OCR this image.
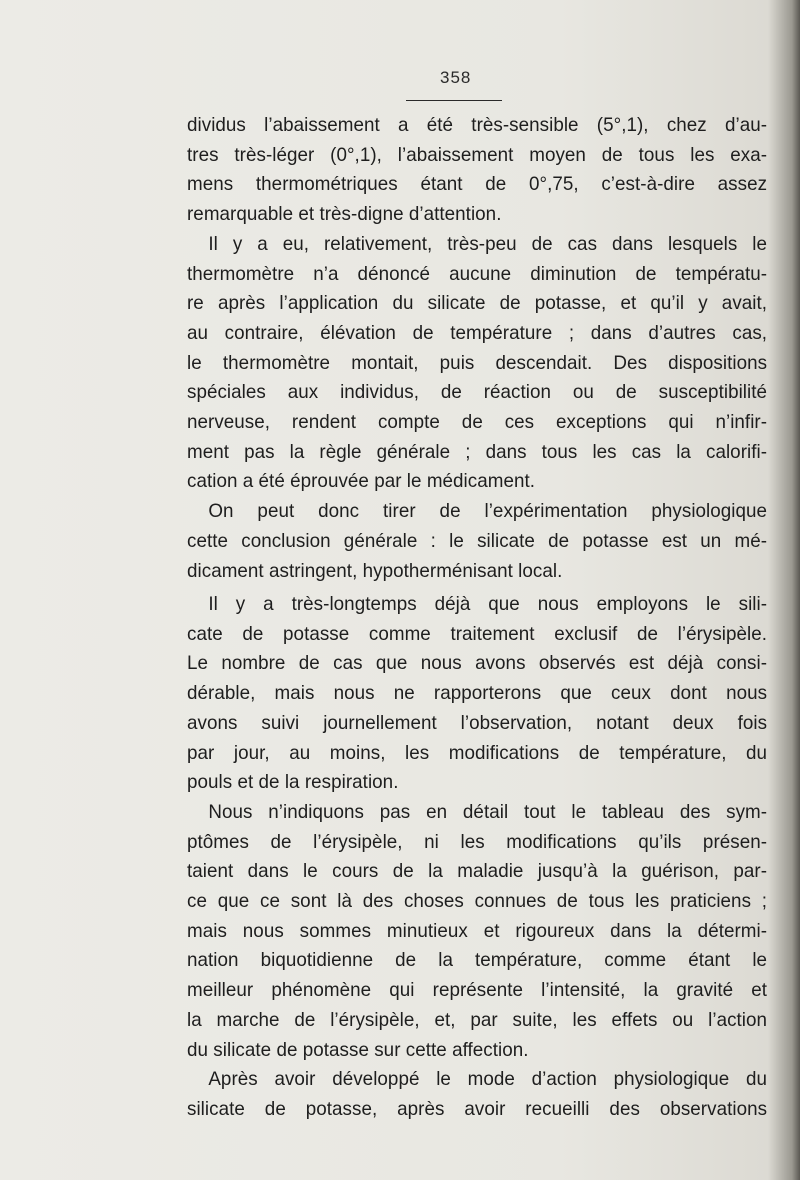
358
dividus l’abaissement a été très-sensible (5°,1), chez d’au-
tres très-léger (0°,1), l’abaissement moyen de tous les exa-
mens thermométriques étant de 0°,75, c’est-à-dire assez
remarquable et très-digne d’attention.
Il y a eu, relativement, très-peu de cas dans lesquels le
thermomètre n’a dénoncé aucune diminution de températu-
re après l’application du silicate de potasse, et qu’il y avait,
au contraire, élévation de température ; dans d’autres cas,
le thermomètre montait, puis descendait. Des dispositions
spéciales aux individus, de réaction ou de susceptibilité
nerveuse, rendent compte de ces exceptions qui n’infir-
ment pas la règle générale ; dans tous les cas la calorifi-
cation a été éprouvée par le médicament.
On peut donc tirer de l’expérimentation physiologique
cette conclusion générale : le silicate de potasse est un mé-
dicament astringent, hypotherménisant local.
Il y a très-longtemps déjà que nous employons le sili-
cate de potasse comme traitement exclusif de l’érysipèle.
Le nombre de cas que nous avons observés est déjà consi-
dérable, mais nous ne rapporterons que ceux dont nous
avons suivi journellement l’observation, notant deux fois
par jour, au moins, les modifications de température, du
pouls et de la respiration.
Nous n’indiquons pas en détail tout le tableau des sym-
ptômes de l’érysipèle, ni les modifications qu’ils présen-
taient dans le cours de la maladie jusqu’à la guérison, par-
ce que ce sont là des choses connues de tous les praticiens ;
mais nous sommes minutieux et rigoureux dans la détermi-
nation biquotidienne de la température, comme étant le
meilleur phénomène qui représente l’intensité, la gravité et
la marche de l’érysipèle, et, par suite, les effets ou l’action
du silicate de potasse sur cette affection.
Après avoir développé le mode d’action physiologique du
silicate de potasse, après avoir recueilli des observations
